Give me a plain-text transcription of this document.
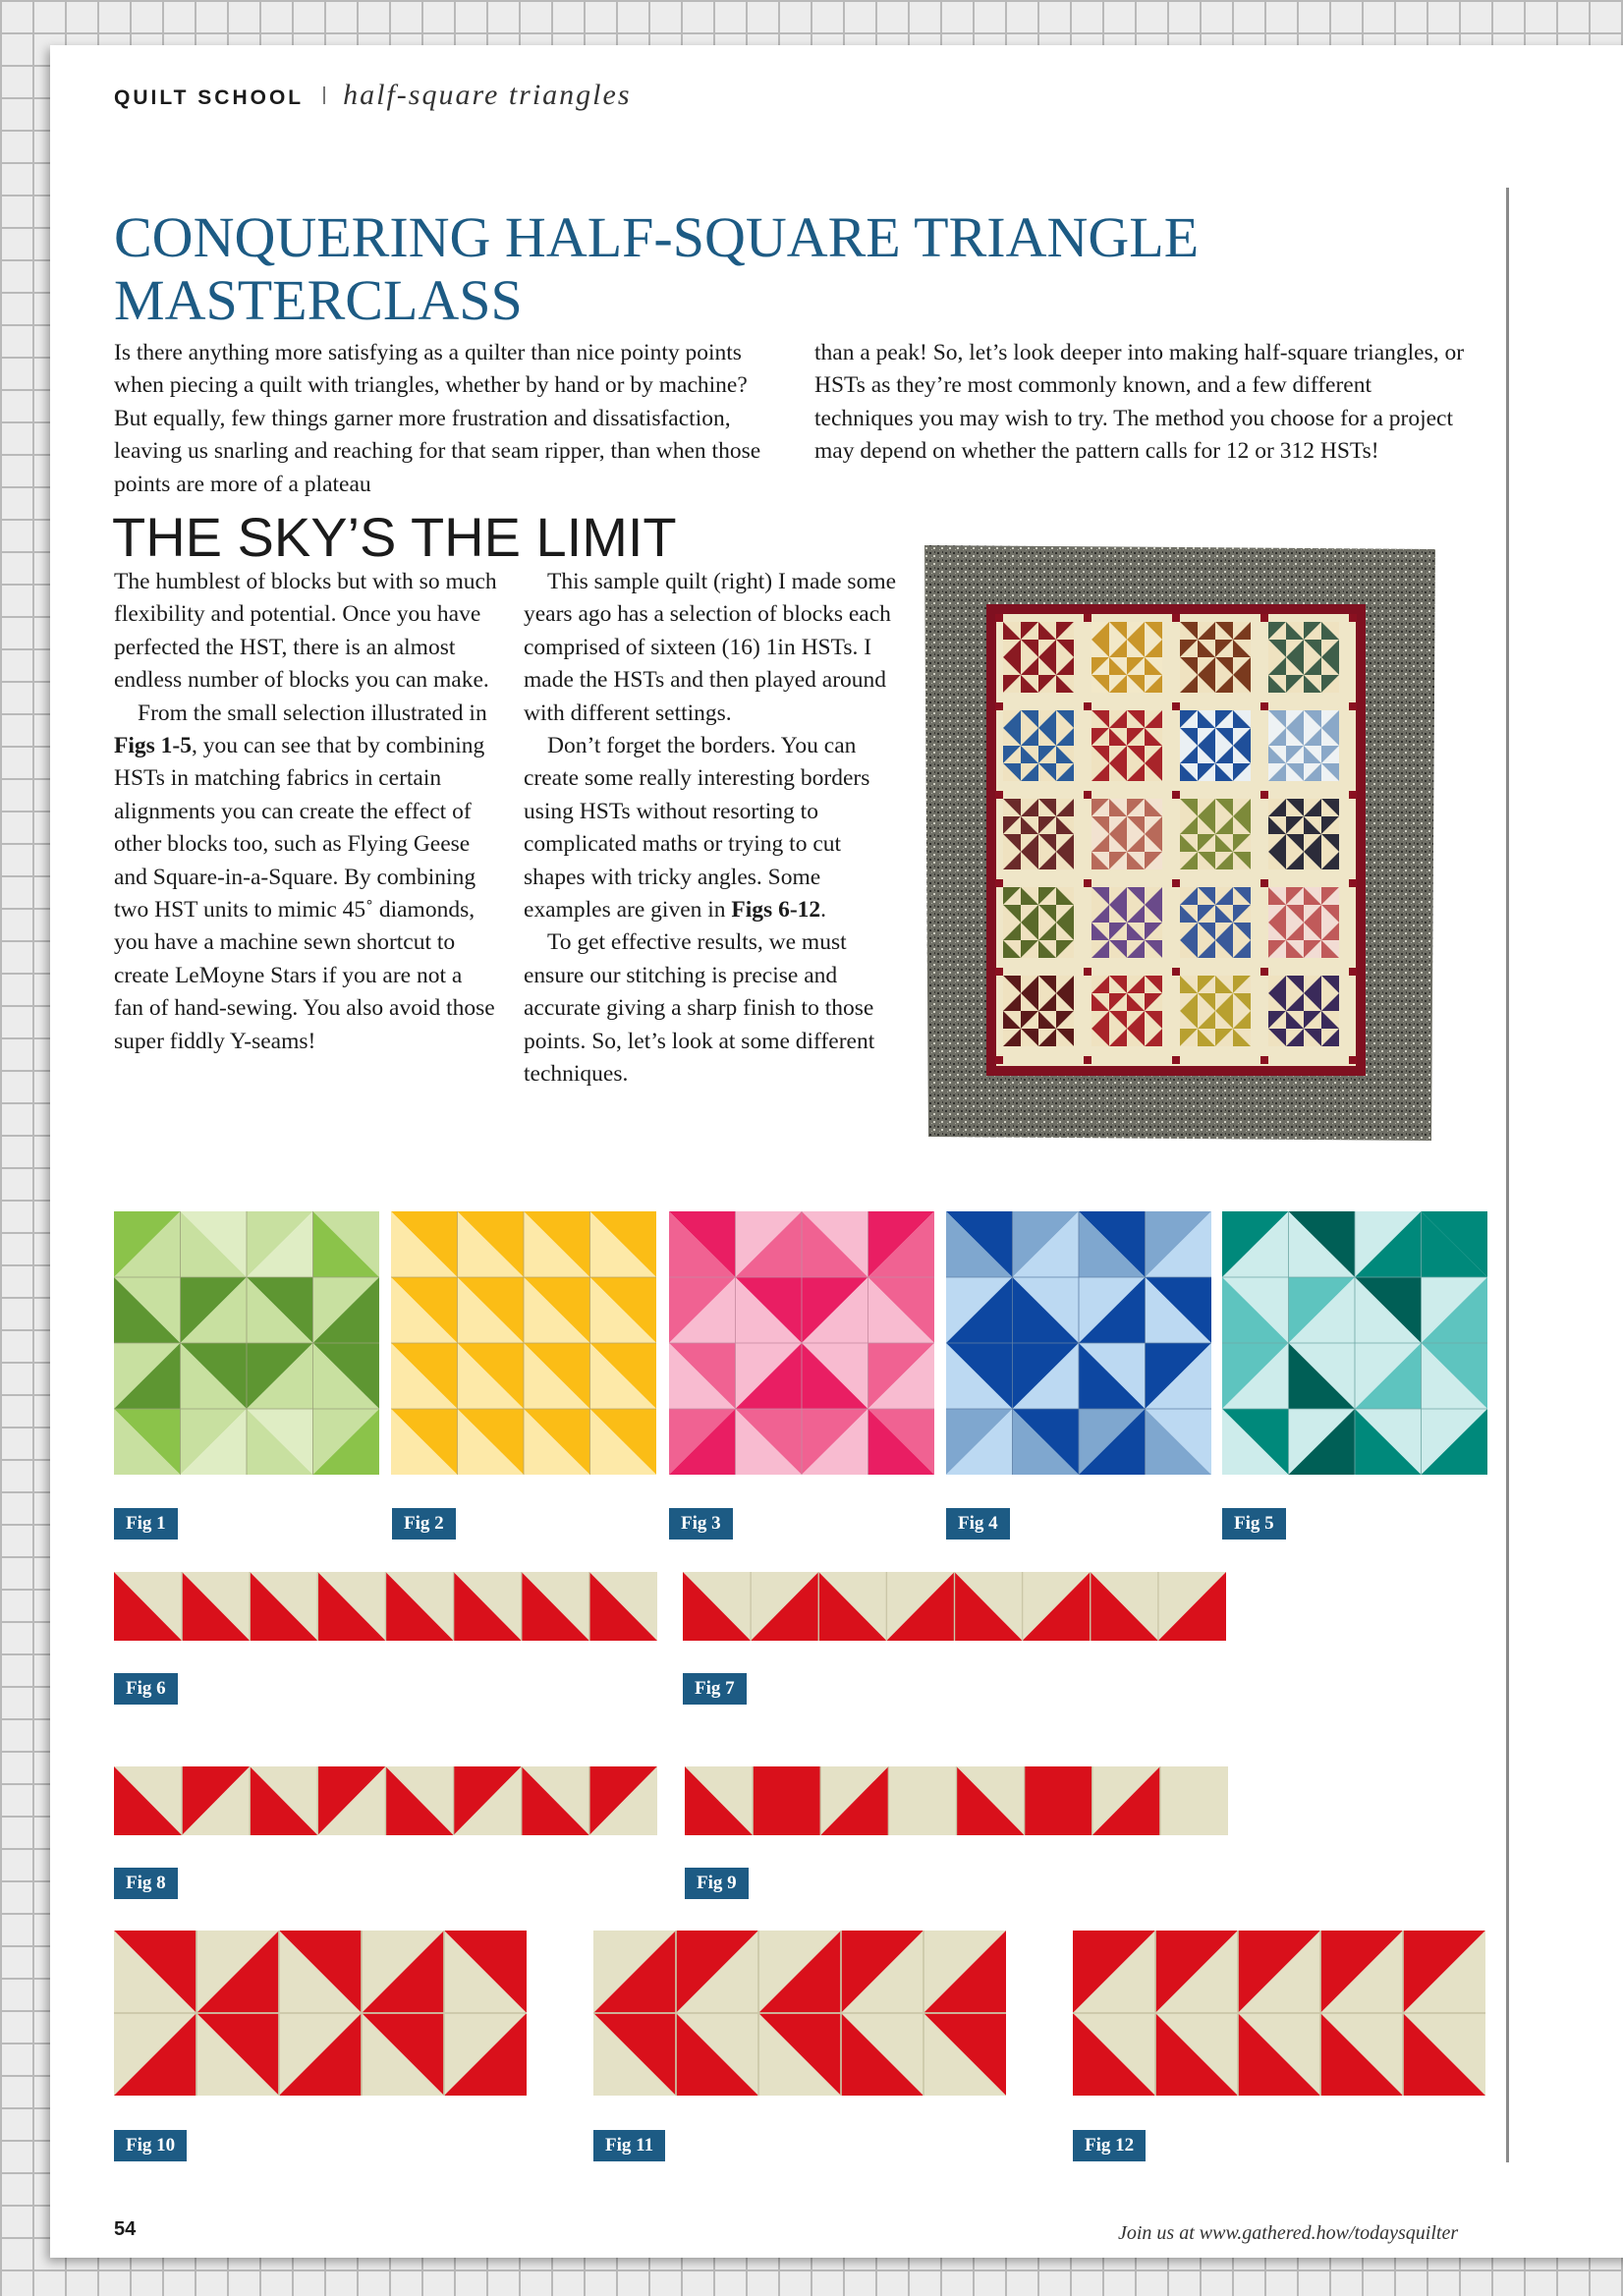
QUILT SCHOOL half-square triangles
CONQUERING HALF-SQUARE TRIANGLE MASTERCLASS

Is there anything more satisfying as a quilter than nice pointy points when piecing a quilt with triangles, whether by hand or by machine? But equally, few things garner more frustration and dissatisfaction, leaving us snarling and reaching for that seam ripper, than when those points are more of a plateau

than a peak! So, let’s look deeper into making half-square triangles, or HSTs as they’re most commonly known, and a few different techniques you may wish to try. The method you choose for a project may depend on whether the pattern calls for 12 or 312 HSTs!

THE SKY’S THE LIMIT

The humblest of blocks but with so much flexibility and potential. Once you have perfected the HST, there is an almost endless number of blocks you can make.

From the small selection illustrated in Figs 1-5, you can see that by combining HSTs in matching fabrics in certain alignments you can create the effect of other blocks too, such as Flying Geese and Square-in-a-Square. By combining two HST units to mimic 45˚ diamonds, you have a machine sewn shortcut to create LeMoyne Stars if you are not a fan of hand-sewing. You also avoid those super fiddly Y-seams!

This sample quilt (right) I made some years ago has a selection of blocks each comprised of sixteen (16) 1in HSTs. I made the HSTs and then played around with different settings.

Don’t forget the borders. You can create some really interesting borders using HSTs without resorting to complicated maths or trying to cut shapes with tricky angles. Some examples are given in Figs 6-12.

To get effective results, we must ensure our stitching is precise and accurate giving a sharp finish to those points. So, let’s look at some different techniques.

Fig 1	Fig 2	Fig 3	Fig 4	Fig 5
Fig 6	Fig 7
Fig 8	Fig 9
Fig 10	Fig 11	Fig 12
54	Join us at www.gathered.how/todaysquilter
